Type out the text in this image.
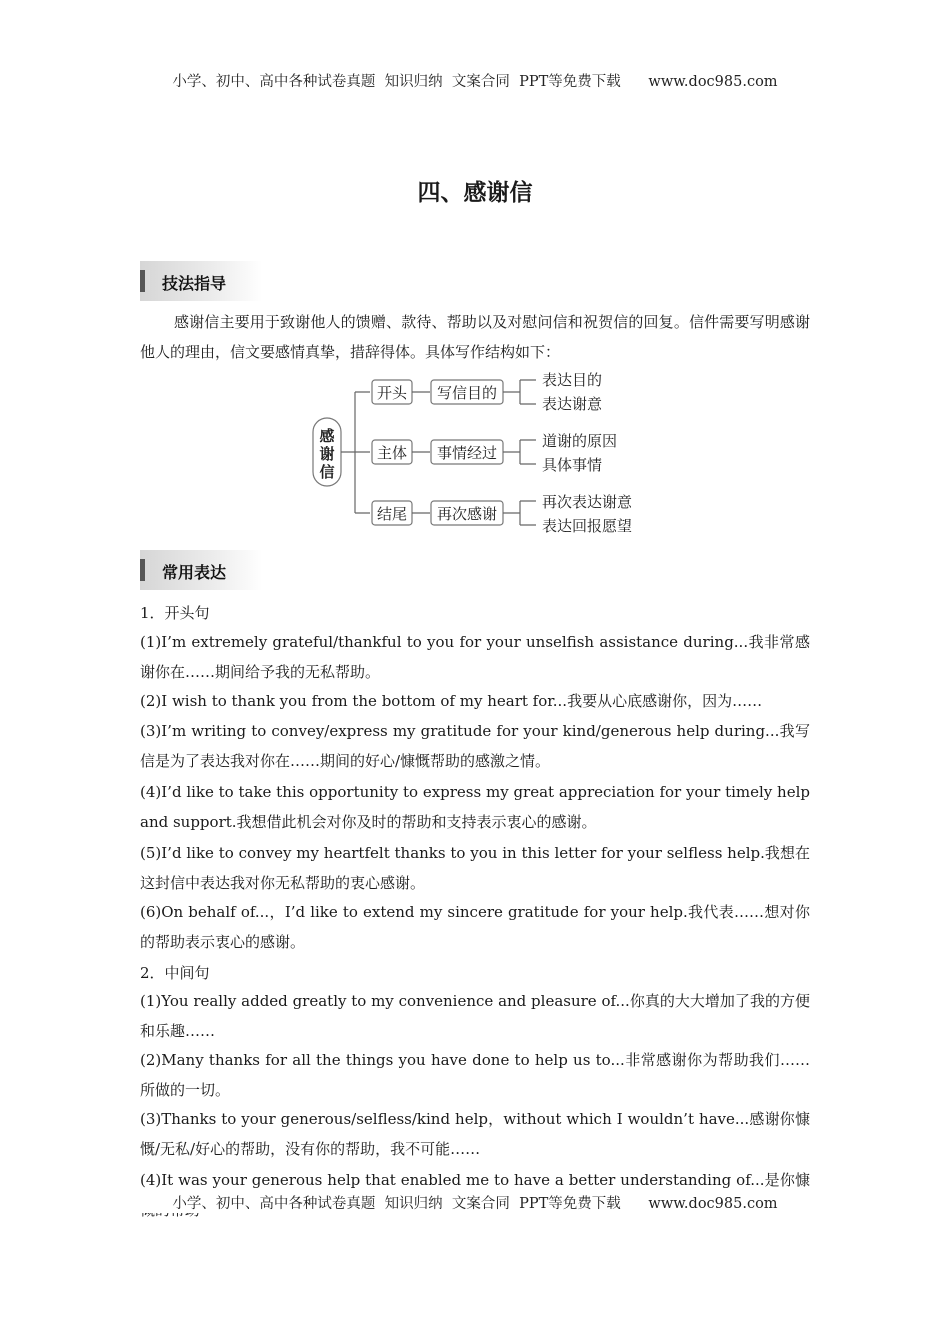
小学、初中、高中各种试卷真题  知识归纳  文案合同  PPT等免费下载      www.doc985.com
四、感谢信
技法指导
感谢信主要用于致谢他人的馈赠、款待、帮助以及对慰问信和祝贺信的回复。信件需要写明感谢他人的理由，信文要感情真挚，措辞得体。具体写作结构如下：
感
谢
信
开头 写信目的
表达目的
表达谢意
主体 事情经过
道谢的原因
具体事情
结尾 再次感谢
再次表达谢意
表达回报愿望
常用表达
1．开头句
(1)I’m extremely grateful/thankful to you for your unselfish assistance during...我非常感谢你在……期间给予我的无私帮助。
(2)I wish to thank you from the bottom of my heart for...我要从心底感谢你，因为……
(3)I’m writing to convey/express my gratitude for your kind/generous help during...我写信是为了表达我对你在……期间的好心/慷慨帮助的感激之情。
(4)I’d like to take this opportunity to express my great appreciation for your timely help and support.我想借此机会对你及时的帮助和支持表示衷心的感谢。
(5)I’d like to convey my heartfelt thanks to you in this letter for your selfless help.我想在这封信中表达我对你无私帮助的衷心感谢。
(6)On behalf of...，I’d like to extend my sincere gratitude for your help.我代表……想对你的帮助表示衷心的感谢。
2．中间句
(1)You really added greatly to my convenience and pleasure of...你真的大大增加了我的方便和乐趣……
(2)Many thanks for all the things you have done to help us to...非常感谢你为帮助我们……所做的一切。
(3)Thanks to your generous/selfless/kind help，without which I wouldn’t have...感谢你慷慨/无私/好心的帮助，没有你的帮助，我不可能……
(4)It was your generous help that enabled me to have a better understanding of...是你慷
小学、初中、高中各种试卷真题  知识归纳  文案合同  PPT等免费下载      www.doc985.com
